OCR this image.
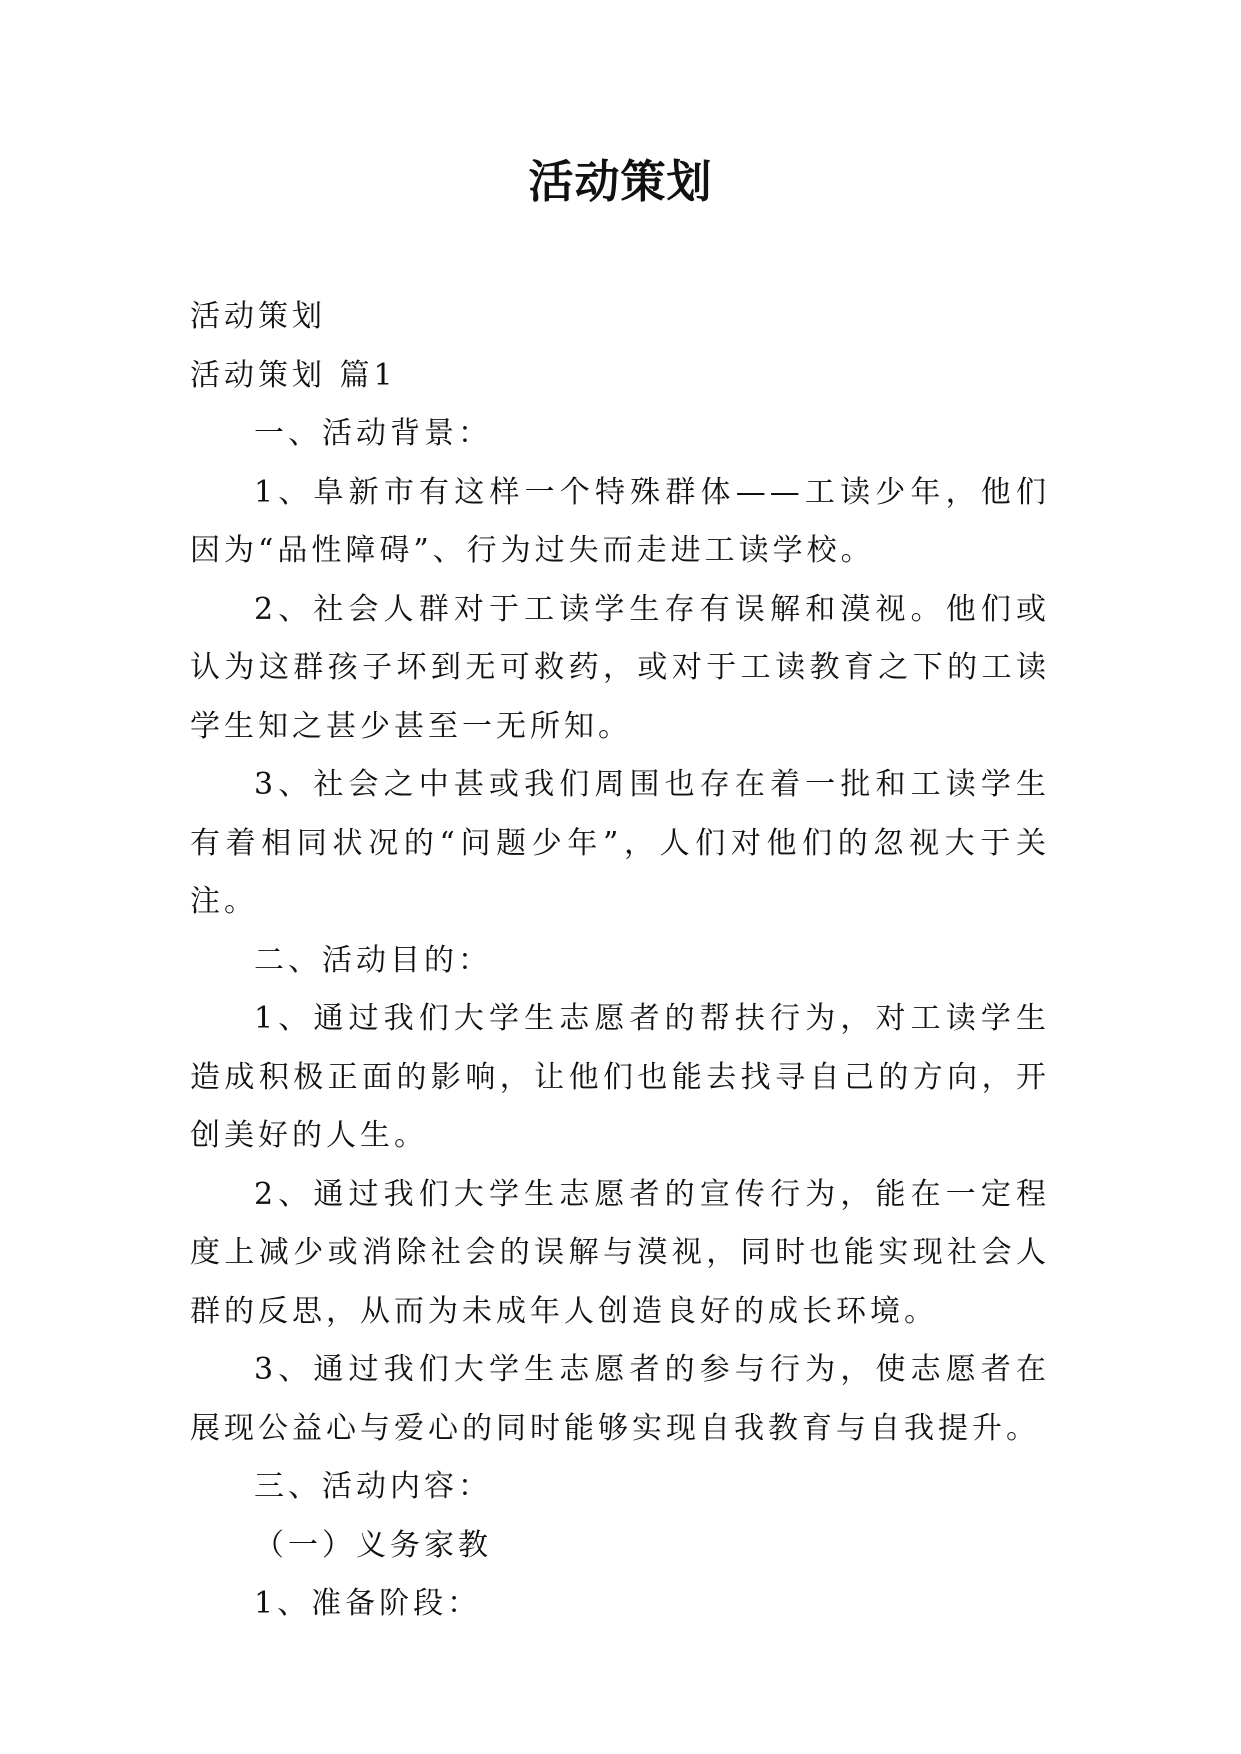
活动策划

活动策划

活动策划 篇1

一、活动背景：

1、阜新市有这样一个特殊群体——工读少年，他们因为“品性障碍”、行为过失而走进工读学校。

2、社会人群对于工读学生存有误解和漠视。他们或认为这群孩子坏到无可救药，或对于工读教育之下的工读学生知之甚少甚至一无所知。

3、社会之中甚或我们周围也存在着一批和工读学生有着相同状况的“问题少年”，人们对他们的忽视大于关注。

二、活动目的：

1、通过我们大学生志愿者的帮扶行为，对工读学生造成积极正面的影响，让他们也能去找寻自己的方向，开创美好的人生。

2、通过我们大学生志愿者的宣传行为，能在一定程度上减少或消除社会的误解与漠视，同时也能实现社会人群的反思，从而为未成年人创造良好的成长环境。

3、通过我们大学生志愿者的参与行为，使志愿者在展现公益心与爱心的同时能够实现自我教育与自我提升。

三、活动内容：

（一）义务家教

1、准备阶段：
